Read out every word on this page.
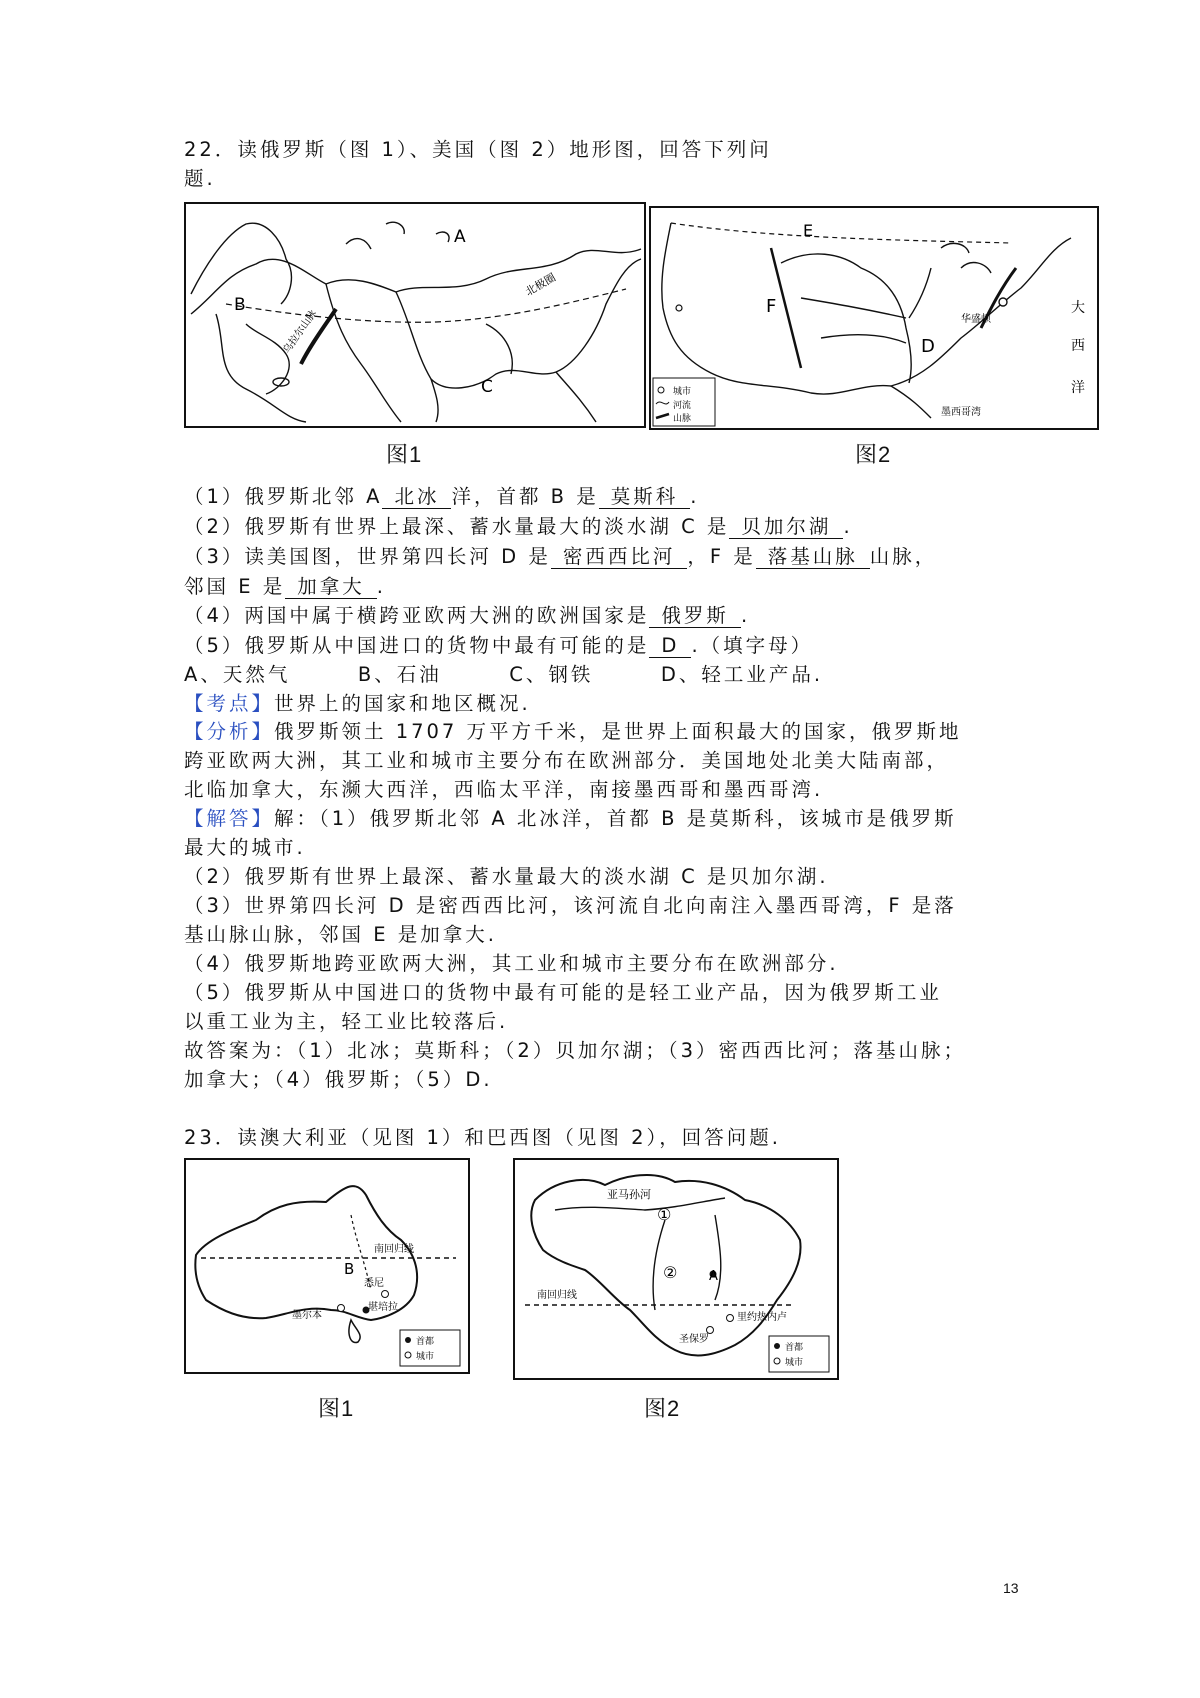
22．读俄罗斯（图 1）、美国（图 2）地形图，回答下列问
题.
A
B
C
北极圈
乌拉尔山脉
E
F
D
华盛顿
大
西
洋
墨西哥湾
城市
河流
山脉
图1	图2
（1）俄罗斯北邻 A 北冰 洋，首都 B 是 莫斯科 .
（2）俄罗斯有世界上最深、蓄水量最大的淡水湖 C 是 贝加尔湖 .
（3）读美国图，世界第四长河 D 是 密西西比河 ，F 是 落基山脉 山脉，
邻国 E 是 加拿大 .
（4）两国中属于横跨亚欧两大洲的欧洲国家是 俄罗斯 .
（5）俄罗斯从中国进口的货物中最有可能的是 D .（填字母）
A、天然气　　　B、石油　　　C、钢铁　　　D、轻工业产品.
【考点】世界上的国家和地区概况.
【分析】俄罗斯领土 1707 万平方千米，是世界上面积最大的国家，俄罗斯地
跨亚欧两大洲，其工业和城市主要分布在欧洲部分．美国地处北美大陆南部，
北临加拿大，东濒大西洋，西临太平洋，南接墨西哥和墨西哥湾.
【解答】解：（1）俄罗斯北邻 A 北冰洋，首都 B 是莫斯科，该城市是俄罗斯
最大的城市.
（2）俄罗斯有世界上最深、蓄水量最大的淡水湖 C 是贝加尔湖.
（3）世界第四长河 D 是密西西比河，该河流自北向南注入墨西哥湾，F 是落
基山脉山脉，邻国 E 是加拿大.
（4）俄罗斯地跨亚欧两大洲，其工业和城市主要分布在欧洲部分.
（5）俄罗斯从中国进口的货物中最有可能的是轻工业产品，因为俄罗斯工业
以重工业为主，轻工业比较落后.
故答案为：（1）北冰；莫斯科；（2）贝加尔湖；（3）密西西比河；落基山脉；
加拿大；（4）俄罗斯；（5）D.
23．读澳大利亚（见图 1）和巴西图（见图 2），回答问题.
南回归线
B
悉尼
堪培拉
墨尔本
首都
城市
亚马孙河
①
② A
南回归线
里约热内卢
圣保罗
首都
城市
图1	图2
13
